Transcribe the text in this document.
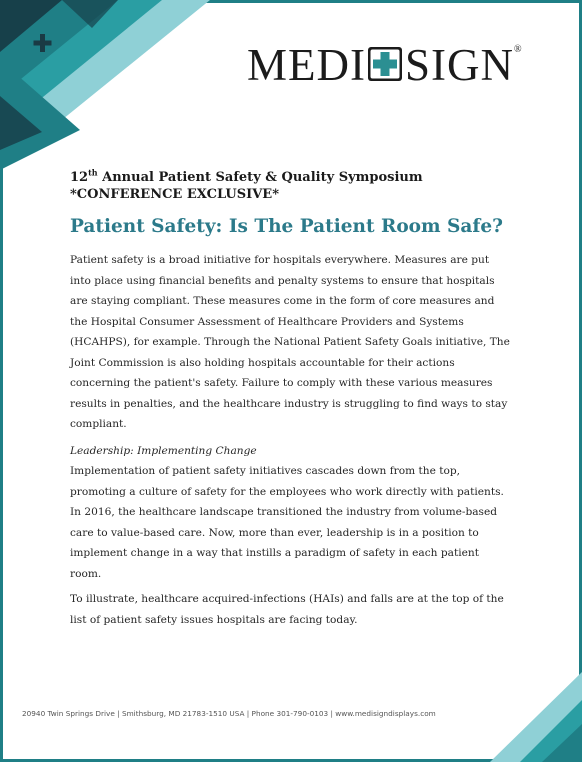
MEDI SIGN®
12th Annual Patient Safety & Quality Symposium
*CONFERENCE EXCLUSIVE*
Patient Safety: Is The Patient Room Safe?

Patient safety is a broad initiative for hospitals everywhere. Measures are put into place using financial benefits and penalty systems to ensure that hospitals are staying compliant. These measures come in the form of core measures and the Hospital Consumer Assessment of Healthcare Providers and Systems (HCAHPS), for example. Through the National Patient Safety Goals initiative, The Joint Commission is also holding hospitals accountable for their actions concerning the patient's safety. Failure to comply with these various measures results in penalties, and the healthcare industry is struggling to find ways to stay compliant.

Leadership: Implementing Change

Implementation of patient safety initiatives cascades down from the top, promoting a culture of safety for the employees who work directly with patients. In 2016, the healthcare landscape transitioned the industry from volume-based care to value-based care. Now, more than ever, leadership is in a position to implement change in a way that instills a paradigm of safety in each patient room.

To illustrate, healthcare acquired-infections (HAIs) and falls are at the top of the list of patient safety issues hospitals are facing today.

20940 Twin Springs Drive | Smithsburg, MD 21783-1510 USA | Phone 301-790-0103 | www.medisigndisplays.com
